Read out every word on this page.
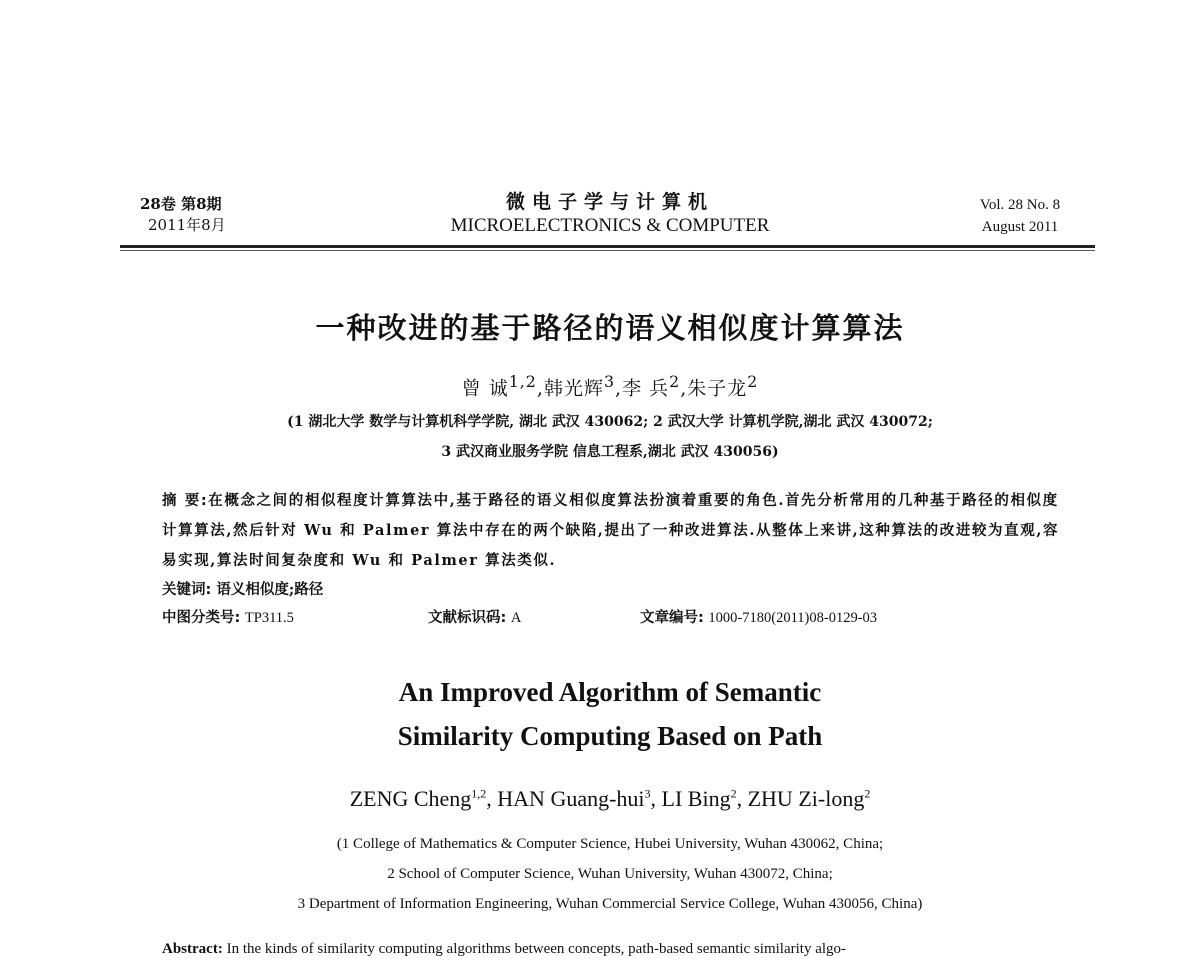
28卷 第8期
2011年8月
微电子学与计算机
MICROELECTRONICS & COMPUTER
Vol. 28 No. 8
August 2011
一种改进的基于路径的语义相似度计算算法
曾 诚$^{1,2}$,韩光辉$^3$,李 兵$^2$,朱子龙$^2$
(1 湖北大学 数学与计算机科学学院, 湖北 武汉 430062; 2 武汉大学 计算机学院,湖北 武汉 430072;
3 武汉商业服务学院 信息工程系,湖北 武汉 430056)
摘 要:在概念之间的相似程度计算算法中,基于路径的语义相似度算法扮演着重要的角色.首先分析常用的几种基于路径的相似度计算算法,然后针对 Wu 和 Palmer 算法中存在的两个缺陷,提出了一种改进算法.从整体上来讲,这种算法的改进较为直观,容易实现,算法时间复杂度和 Wu 和 Palmer 算法类似.
关键词: 语义相似度;路径
中图分类号: TP311.5	文献标识码: A	文章编号: 1000-7180(2011)08-0129-03
An Improved Algorithm of Semantic
Similarity Computing Based on Path
ZENG Cheng$^{1,2}$, HAN Guang-hui$^3$, LI Bing$^2$, ZHU Zi-long$^2$
(1 College of Mathematics & Computer Science, Hubei University, Wuhan 430062, China;
2 School of Computer Science, Wuhan University, Wuhan 430072, China;
3 Department of Information Engineering, Wuhan Commercial Service College, Wuhan 430056, China)
Abstract: In the kinds of similarity computing algorithms between concepts, path-based semantic similarity algo-
